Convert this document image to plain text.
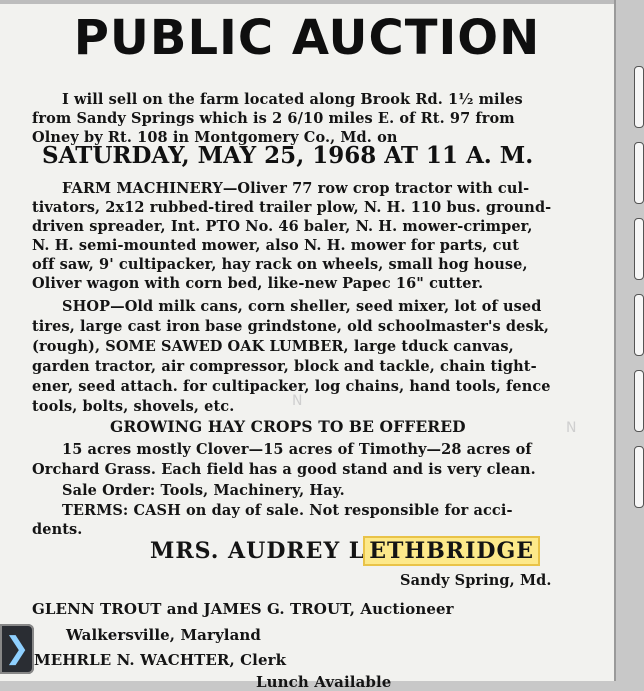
PUBLIC AUCTION
I will sell on the farm located along Brook Rd. 1½ miles
from Sandy Springs which is 2 6/10 miles E. of Rt. 97 from
Olney by Rt. 108 in Montgomery Co., Md. on
SATURDAY, MAY 25, 1968 AT 11 A. M.
FARM MACHINERY—Oliver 77 row crop tractor with cul-
tivators, 2x12 rubbed-tired trailer plow, N. H. 110 bus. ground-
driven spreader, Int. PTO No. 46 baler, N. H. mower-crimper,
N. H. semi-mounted mower, also N. H. mower for parts, cut
off saw, 9' cultipacker, hay rack on wheels, small hog house,
Oliver wagon with corn bed, like-new Papec 16" cutter.
SHOP—Old milk cans, corn sheller, seed mixer, lot of used
tires, large cast iron base grindstone, old schoolmaster's desk,
(rough), SOME SAWED OAK LUMBER, large tduck canvas,
garden tractor, air compressor, block and tackle, chain tight-
ener, seed attach. for cultipacker, log chains, hand tools, fence
tools, bolts, shovels, etc.
GROWING HAY CROPS TO BE OFFERED
15 acres mostly Clover—15 acres of Timothy—28 acres of
Orchard Grass. Each field has a good stand and is very clean.
Sale Order: Tools, Machinery, Hay.
TERMS: CASH on day of sale. Not responsible for acci-
dents.
MRS. AUDREY L ETHBRIDGE
Sandy Spring, Md.
GLENN TROUT and JAMES G. TROUT, Auctioneer
Walkersville, Maryland
MEHRLE N. WACHTER, Clerk
Lunch Available
N
N
❯
